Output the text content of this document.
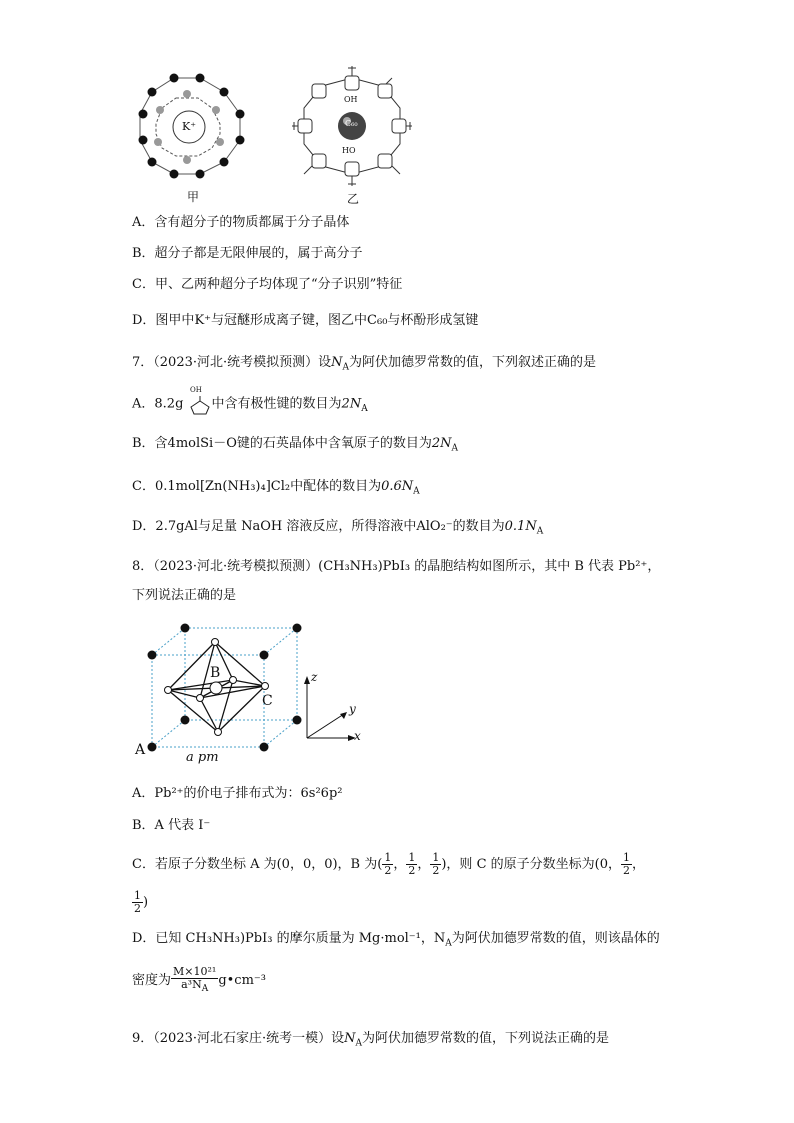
K⁺
甲
C₆₀
OH
HO
乙
A．含有超分子的物质都属于分子晶体
B．超分子都是无限伸展的，属于高分子
C．甲、乙两种超分子均体现了“分子识别”特征
D．图甲中K⁺与冠醚形成离子键，图乙中C₆₀与杯酚形成氢键
7．（2023·河北·统考模拟预测）设$N_A$为阿伏加德罗常数的值，下列叙述正确的是
A．8.2g 中含有极性键的数目为$2N_A$
OH
B．含4molSi－O键的石英晶体中含氧原子的数目为$2N_A$
C．0.1mol[Zn(NH₃)₄]Cl₂中配体的数目为$0.6N_A$
D．2.7gAl与足量 NaOH 溶液反应，所得溶液中AlO₂⁻的数目为$0.1N_A$
8．（2023·河北·统考模拟预测）(CH₃NH₃)PbI₃ 的晶胞结构如图所示，其中 B 代表 Pb²⁺，
下列说法正确的是
B
C
A	a pm
z
y
x
A．Pb²⁺的价电子排布式为：6s²6p²
B．A 代表 I⁻
C．若原子分数坐标 A 为(0，0，0)，B 为( $\frac{1}{2}$ ， $\frac{1}{2}$ ， $\frac{1}{2}$ )，则 C 的原子分数坐标为(0， $\frac{1}{2}$ ，
$\frac{1}{2}$ )
D．已知 CH₃NH₃)PbI₃ 的摩尔质量为 Mg·mol⁻¹，$N_A$为阿伏加德罗常数的值，则该晶体的
密度为 $\frac{\text{M×10²¹}}{a^3N_A}$ g•cm⁻³
9．（2023·河北石家庄·统考一模）设$N_A$为阿伏加德罗常数的值，下列说法正确的是
